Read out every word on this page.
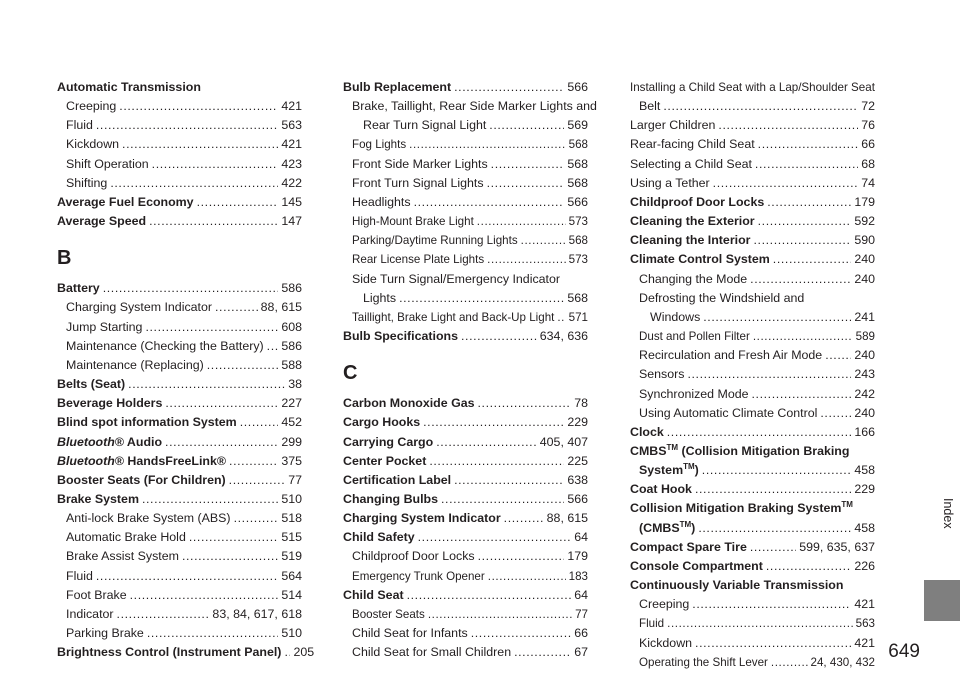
Automatic Transmission
Creeping .....	421
Fluid .....	563
Kickdown .....	421
Shift Operation .....	423
Shifting .....	422
Average Fuel Economy .....	145
Average Speed .....	147
B
Battery .....	586
Charging System Indicator .....	88, 615
Jump Starting .....	608
Maintenance (Checking the Battery) ..... 586
Maintenance (Replacing) .....	588
Belts (Seat) .....	38
Beverage Holders .....	227
Blind spot information System .....	452
Bluetooth® Audio .....	299
Bluetooth® HandsFreeLink® .....	375
Booster Seats (For Children) .....	77
Brake System .....	510
Anti-lock Brake System (ABS) .....	518
Automatic Brake Hold .....	515
Brake Assist System .....	519
Fluid .....	564
Foot Brake .....	514
Indicator .....	83, 84, 617, 618
Parking Brake .....	510
Brightness Control (Instrument Panel) ..... 205
Bulb Replacement .....	566
Brake, Taillight, Rear Side Marker Lights and
Rear Turn Signal Light .....	569
Fog Lights .....	568
Front Side Marker Lights .....	568
Front Turn Signal Lights .....	568
Headlights .....	566
High-Mount Brake Light .....	573
Parking/Daytime Running Lights .....	568
Rear License Plate Lights .....	573
Side Turn Signal/Emergency Indicator
Lights .....	568
Taillight, Brake Light and Back-Up Light ..... 571
Bulb Specifications .....	634, 636
C
Carbon Monoxide Gas .....	78
Cargo Hooks .....	229
Carrying Cargo .....	405, 407
Center Pocket .....	225
Certification Label .....	638
Changing Bulbs .....	566
Charging System Indicator .....	88, 615
Child Safety .....	64
Childproof Door Locks .....	179
Emergency Trunk Opener .....	183
Child Seat .....	64
Booster Seats .....	77
Child Seat for Infants .....	66
Child Seat for Small Children .....	67
Installing a Child Seat with a Lap/Shoulder Seat
Belt .....	72
Larger Children .....	76
Rear-facing Child Seat .....	66
Selecting a Child Seat .....	68
Using a Tether .....	74
Childproof Door Locks .....	179
Cleaning the Exterior .....	592
Cleaning the Interior .....	590
Climate Control System .....	240
Changing the Mode .....	240
Defrosting the Windshield and
Windows .....	241
Dust and Pollen Filter .....	589
Recirculation and Fresh Air Mode .....	240
Sensors .....	243
Synchronized Mode .....	242
Using Automatic Climate Control .....	240
Clock .....	166
CMBS™ (Collision Mitigation Braking
System™) .....	458
Coat Hook .....	229
Collision Mitigation Braking System™
(CMBS™) .....	458
Compact Spare Tire .....	599, 635, 637
Console Compartment .....	226
Continuously Variable Transmission
Creeping .....	421
Fluid .....	563
Kickdown .....	421
Operating the Shift Lever .....	24, 430, 432
Index
649
